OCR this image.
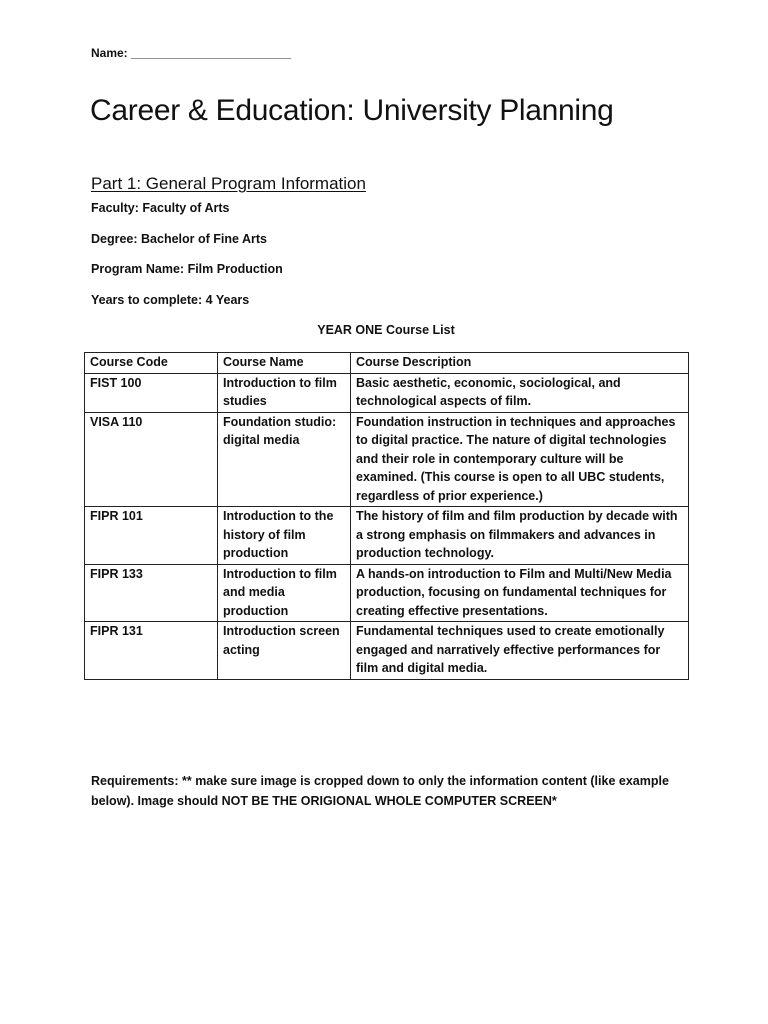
Name: ________________________
Career & Education: University Planning
Part 1: General Program Information
Faculty: Faculty of Arts
Degree: Bachelor of Fine Arts
Program Name: Film Production
Years to complete: 4 Years
YEAR ONE Course List
Course Code	Course Name	Course Description
FIST 100	Introduction to film studies	Basic aesthetic, economic, sociological, and technological aspects of film.
VISA 110	Foundation studio: digital media	Foundation instruction in techniques and approaches to digital practice. The nature of digital technologies and their role in contemporary culture will be examined. (This course is open to all UBC students, regardless of prior experience.)
FIPR 101	Introduction to the history of film production	The history of film and film production by decade with a strong emphasis on filmmakers and advances in production technology.
FIPR 133	Introduction to film and media production	A hands-on introduction to Film and Multi/New Media production, focusing on fundamental techniques for creating effective presentations.
FIPR 131	Introduction screen acting	Fundamental techniques used to create emotionally engaged and narratively effective performances for film and digital media.
Requirements: ** make sure image is cropped down to only the information content (like example below). Image should NOT BE THE ORIGIONAL WHOLE COMPUTER SCREEN*
